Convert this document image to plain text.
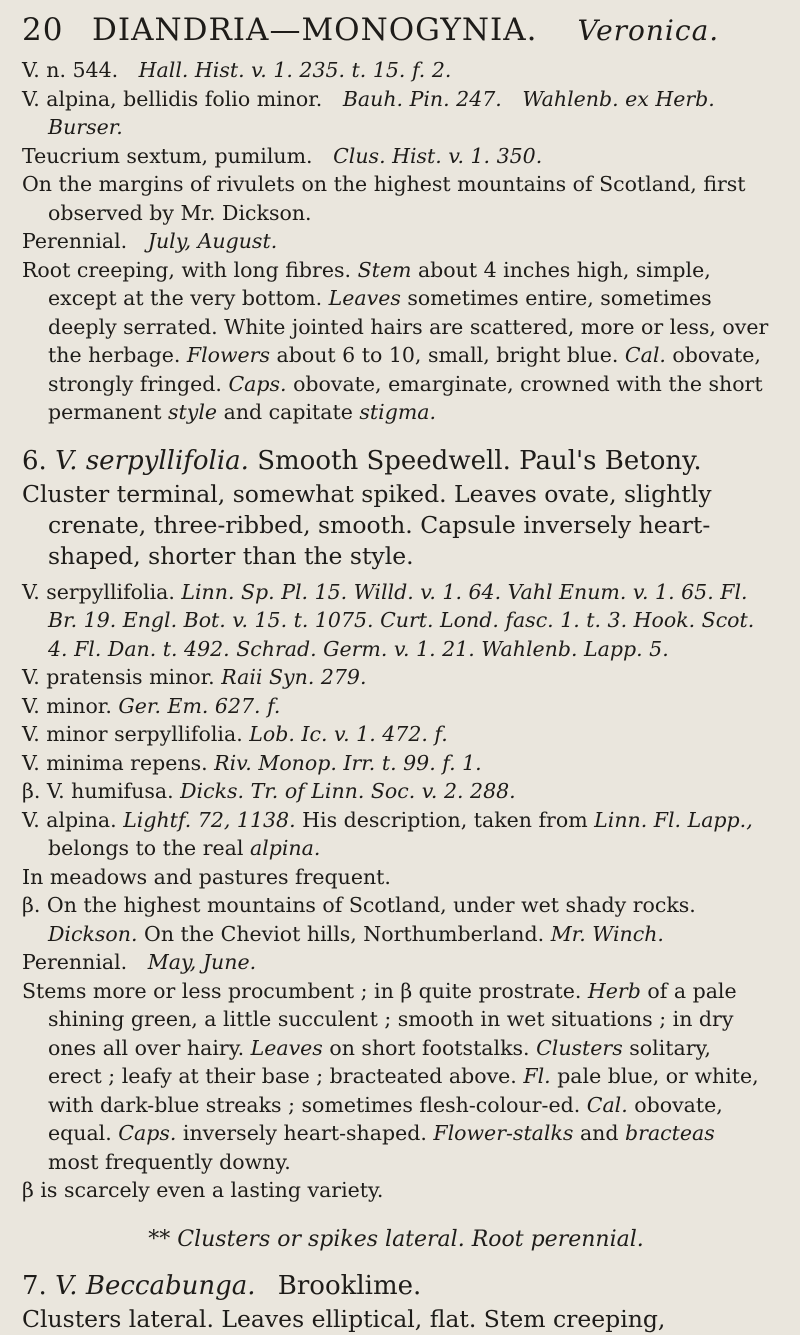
20 DIANDRIA—MONOGYNIA. Veronica.

V. n. 544. Hall. Hist. v. 1. 235. t. 15. f. 2.

V. alpina, bellidis folio minor. Bauh. Pin. 247. Wahlenb. ex Herb. Burser.

Teucrium sextum, pumilum. Clus. Hist. v. 1. 350.

On the margins of rivulets on the highest mountains of Scotland, first observed by Mr. Dickson.

Perennial. July, August.

Root creeping, with long fibres. Stem about 4 inches high, simple, except at the very bottom. Leaves sometimes entire, sometimes deeply serrated. White jointed hairs are scattered, more or less, over the herbage. Flowers about 6 to 10, small, bright blue. Cal. obovate, strongly fringed. Caps. obovate, emarginate, crowned with the short permanent style and capitate stigma.

6. V. serpyllifolia. Smooth Speedwell. Paul's Betony.

Cluster terminal, somewhat spiked. Leaves ovate, slightly crenate, three-ribbed, smooth. Capsule inversely heart-shaped, shorter than the style.

V. serpyllifolia. Linn. Sp. Pl. 15. Willd. v. 1. 64. Vahl Enum. v. 1. 65. Fl. Br. 19. Engl. Bot. v. 15. t. 1075. Curt. Lond. fasc. 1. t. 3. Hook. Scot. 4. Fl. Dan. t. 492. Schrad. Germ. v. 1. 21. Wahlenb. Lapp. 5.

V. pratensis minor. Raii Syn. 279.

V. minor. Ger. Em. 627. f.

V. minor serpyllifolia. Lob. Ic. v. 1. 472. f.

V. minima repens. Riv. Monop. Irr. t. 99. f. 1.

β. V. humifusa. Dicks. Tr. of Linn. Soc. v. 2. 288.

V. alpina. Lightf. 72, 1138. His description, taken from Linn. Fl. Lapp., belongs to the real alpina.

In meadows and pastures frequent.

β. On the highest mountains of Scotland, under wet shady rocks. Dickson. On the Cheviot hills, Northumberland. Mr. Winch.

Perennial. May, June.

Stems more or less procumbent ; in β quite prostrate. Herb of a pale shining green, a little succulent ; smooth in wet situations ; in dry ones all over hairy. Leaves on short footstalks. Clusters solitary, erect ; leafy at their base ; bracteated above. Fl. pale blue, or white, with dark-blue streaks ; sometimes flesh-colour-ed. Cal. obovate, equal. Caps. inversely heart-shaped. Flower-stalks and bracteas most frequently downy.

β is scarcely even a lasting variety.

** Clusters or spikes lateral. Root perennial.

7. V. Beccabunga. Brooklime.

Clusters lateral. Leaves elliptical, flat. Stem creeping,
